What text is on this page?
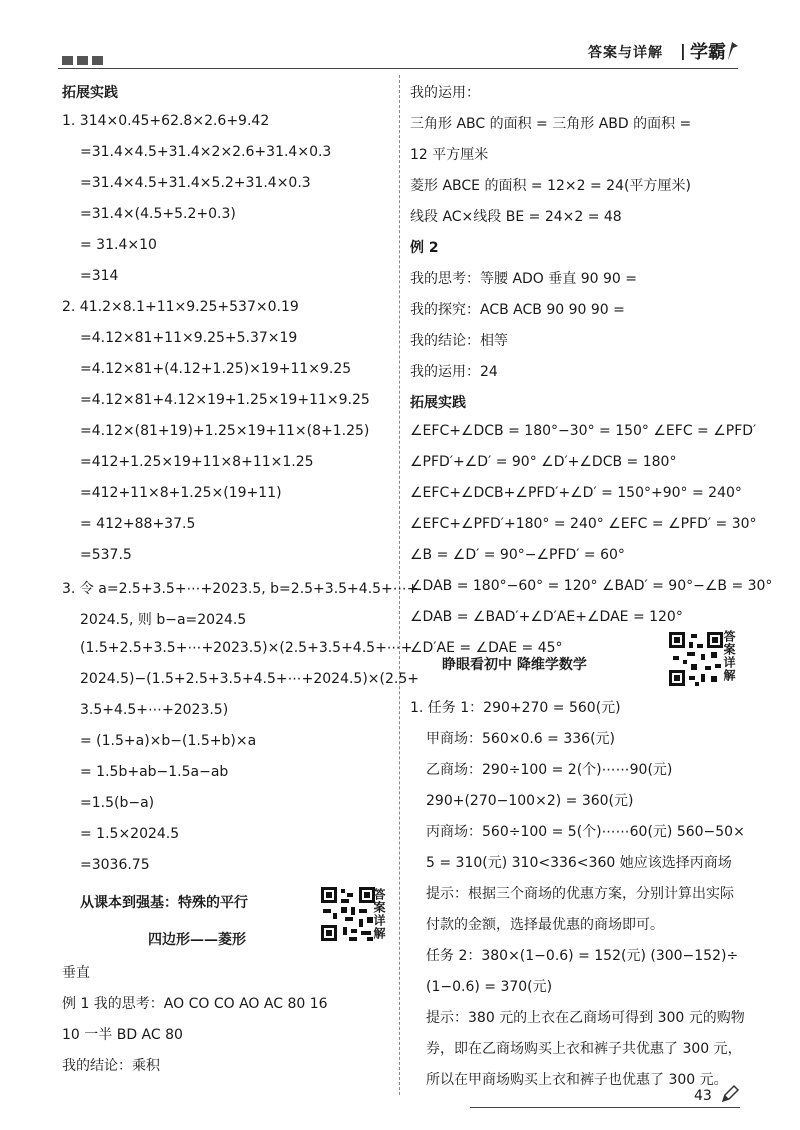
答案与详解 | 学霸
拓展实践
1. 314×0.45+62.8×2.6+9.42
=31.4×4.5+31.4×2×2.6+31.4×0.3
=31.4×4.5+31.4×5.2+31.4×0.3
=31.4×(4.5+5.2+0.3)
= 31.4×10
=314
2. 41.2×8.1+11×9.25+537×0.19
=4.12×81+11×9.25+5.37×19
=4.12×81+(4.12+1.25)×19+11×9.25
=4.12×81+4.12×19+1.25×19+11×9.25
=4.12×(81+19)+1.25×19+11×(8+1.25)
=412+1.25×19+11×8+11×1.25
=412+11×8+1.25×(19+11)
= 412+88+37.5
=537.5
3. 令 a=2.5+3.5+⋯+2023.5, b=2.5+3.5+4.5+⋯+
2024.5, 则 b−a=2024.5
(1.5+2.5+3.5+⋯+2023.5)×(2.5+3.5+4.5+⋯+
2024.5)−(1.5+2.5+3.5+4.5+⋯+2024.5)×(2.5+
3.5+4.5+⋯+2023.5)
= (1.5+a)×b−(1.5+b)×a
= 1.5b+ab−1.5a−ab
=1.5(b−a)
= 1.5×2024.5
=3036.75
从课本到强基：特殊的平行
四边形——菱形	答案详解
垂直
例 1 我的思考：AO CO CO AO AC 80 16
10 一半 BD AC 80
我的结论：乘积
我的运用：
三角形 ABC 的面积 = 三角形 ABD 的面积 =
12 平方厘米
菱形 ABCE 的面积 = 12×2 = 24(平方厘米)
线段 AC×线段 BE = 24×2 = 48
例 2
我的思考：等腰 ADO 垂直 90 90 =
我的探究：ACB ACB 90 90 90 =
我的结论：相等
我的运用：24
拓展实践
∠EFC+∠DCB = 180°−30° = 150° ∠EFC = ∠PFD′
∠PFD′+∠D′ = 90° ∠D′+∠DCB = 180°
∠EFC+∠DCB+∠PFD′+∠D′ = 150°+90° = 240°
∠EFC+∠PFD′+180° = 240° ∠EFC = ∠PFD′ = 30°
∠B = ∠D′ = 90°−∠PFD′ = 60°
∠DAB = 180°−60° = 120° ∠BAD′ = 90°−∠B = 30°
∠DAB = ∠BAD′+∠D′AE+∠DAE = 120°
∠D′AE = ∠DAE = 45°
睁眼看初中 降维学数学	答案详解
1. 任务 1：290+270 = 560(元)
甲商场：560×0.6 = 336(元)
乙商场：290÷100 = 2(个)⋯⋯90(元)
290+(270−100×2) = 360(元)
丙商场：560÷100 = 5(个)⋯⋯60(元) 560−50×
5 = 310(元) 310<336<360 她应该选择丙商场
提示：根据三个商场的优惠方案，分别计算出实际
付款的金额，选择最优惠的商场即可。
任务 2：380×(1−0.6) = 152(元) (300−152)÷
(1−0.6) = 370(元)
提示：380 元的上衣在乙商场可得到 300 元的购物
券，即在乙商场购买上衣和裤子共优惠了 300 元，
所以在甲商场购买上衣和裤子也优惠了 300 元。
43
